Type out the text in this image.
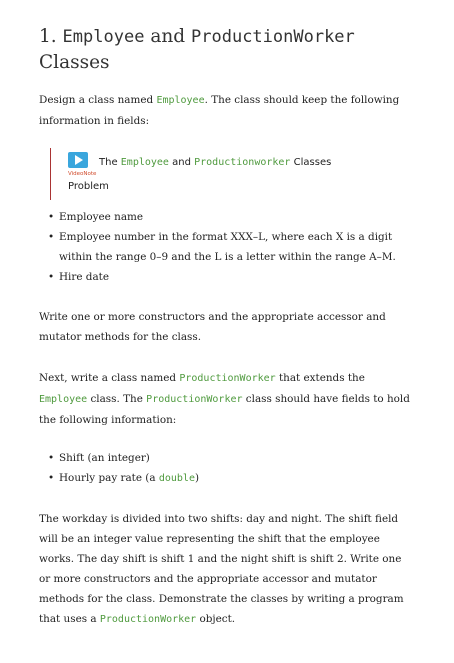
1. Employee and ProductionWorker
Classes
Design a class named Employee. The class should keep the following information in fields:
VideoNote
The Employee and Productionworker Classes
Problem
• Employee name
• Employee number in the format XXX–L, where each X is a digit within the range 0–9 and the L is a letter within the range A–M.
• Hire date
Write one or more constructors and the appropriate accessor and mutator methods for the class.
Next, write a class named ProductionWorker that extends the Employee class. The ProductionWorker class should have fields to hold the following information:
• Shift (an integer)
• Hourly pay rate (a double)
The workday is divided into two shifts: day and night. The shift field will be an integer value representing the shift that the employee works. The day shift is shift 1 and the night shift is shift 2. Write one or more constructors and the appropriate accessor and mutator methods for the class. Demonstrate the classes by writing a program that uses a ProductionWorker object.
